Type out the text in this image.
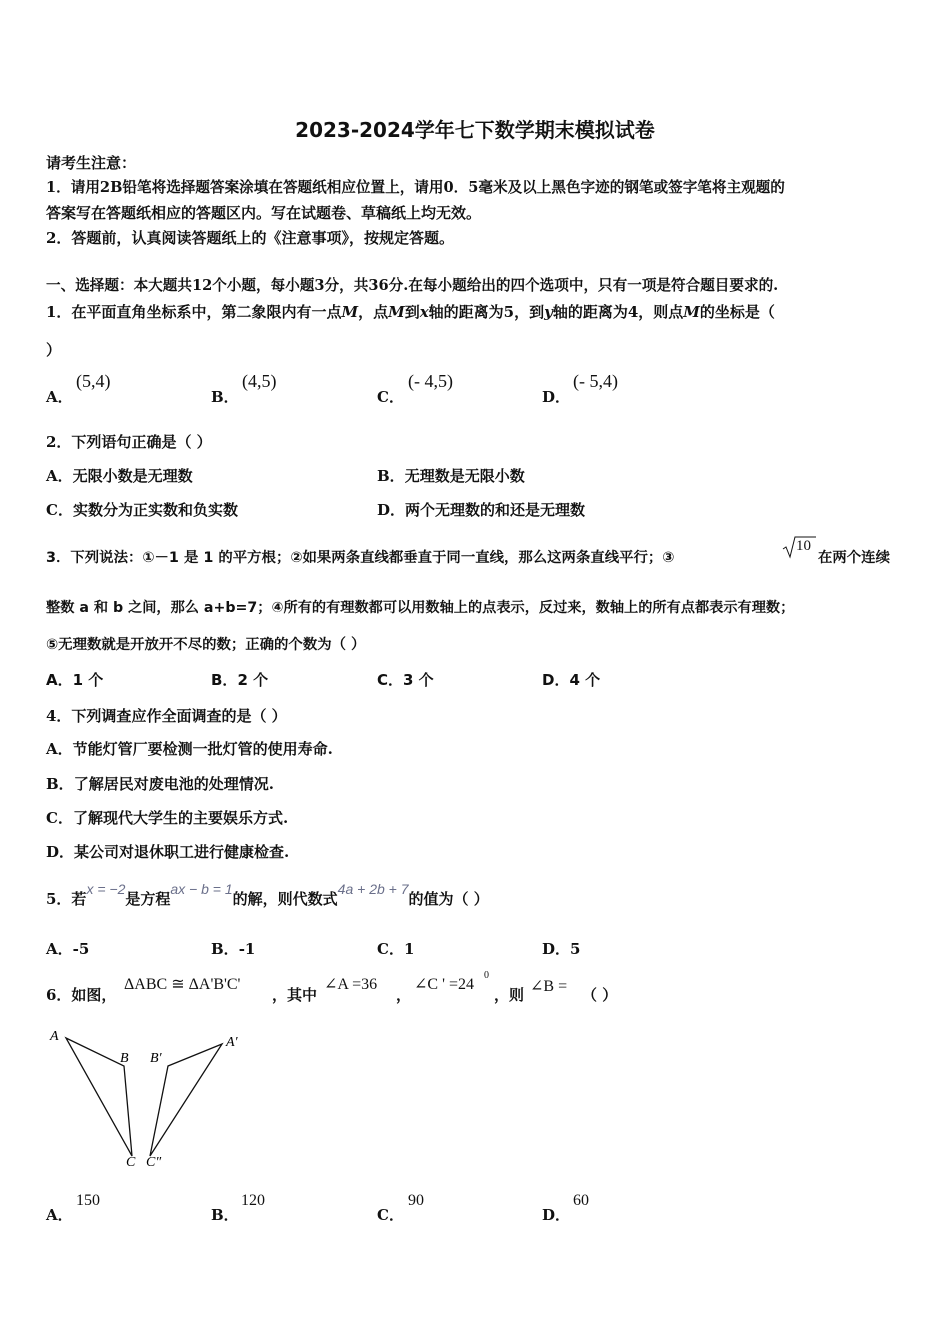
2023-2024学年七下数学期末模拟试卷
请考生注意：
1．请用2B铅笔将选择题答案涂填在答题纸相应位置上，请用0．5毫米及以上黑色字迹的钢笔或签字笔将主观题的
答案写在答题纸相应的答题区内。写在试题卷、草稿纸上均无效。
2．答题前，认真阅读答题纸上的《注意事项》，按规定答题。
一、选择题：本大题共12个小题，每小题3分，共36分.在每小题给出的四个选项中，只有一项是符合题目要求的.
1．在平面直角坐标系中，第二象限内有一点M，点M到x轴的距离为5，到y轴的距离为4，则点M的坐标是（
）
A．
(5,4)
B．
(4,5)
C．
(- 4,5)
D．
(- 5,4)
2．下列语句正确是（ ）
A．无限小数是无理数	B．无理数是无限小数
C．实数分为正实数和负实数	D．两个无理数的和还是无理数
3．下列说法：①－1 是 1 的平方根；②如果两条直线都垂直于同一直线，那么这两条直线平行；③
10
在两个连续
整数 a 和 b 之间，那么 a+b=7；④所有的有理数都可以用数轴上的点表示，反过来，数轴上的所有点都表示有理数；
⑤无理数就是开放开不尽的数；正确的个数为（ ）
A．1 个	B．2 个	C．3 个	D．4 个
4．下列调查应作全面调查的是（ ）
A．节能灯管厂要检测一批灯管的使用寿命.
B．了解居民对废电池的处理情况.
C．了解现代大学生的主要娱乐方式.
D．某公司对退休职工进行健康检查.
5．若x = −2是方程ax − b = 1的解，则代数式4a + 2b + 7的值为（ ）
A．-5	B．-1	C．1	D．5
6．如图，
ΔABC ≅ ΔA'B'C'
，其中
∠A =36
，
∠C ' =24
0
，则 ∠B = （ ）
A
B
C
B′
A′
C″
A．
150
B．
120
C．
90
D．
60
